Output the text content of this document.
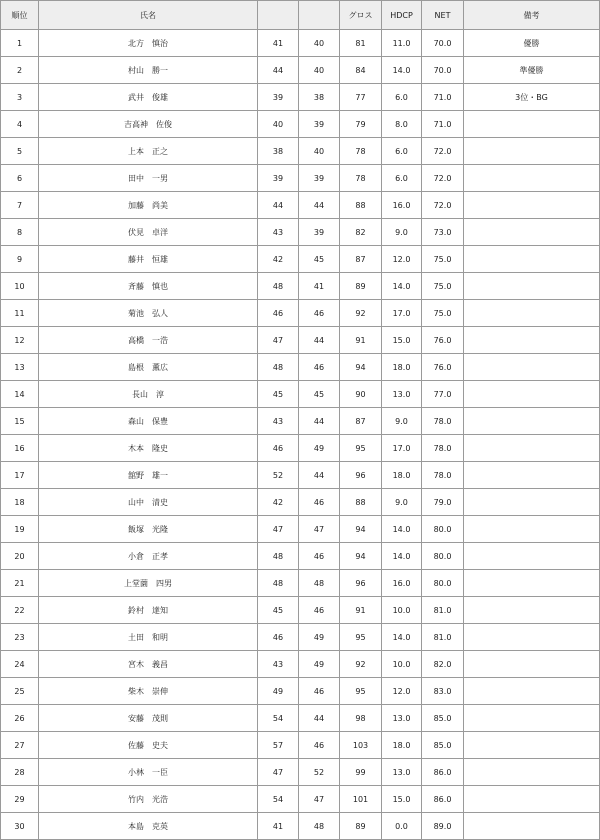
順位	氏名			グロス	HDCP	NET	備考
1	北方　慎治	41	40	81	11.0	70.0	優勝
2	村山　勝一	44	40	84	14.0	70.0	準優勝
3	武井　俊雄	39	38	77	6.0	71.0	3位・BG
4	吉高神　佐俊	40	39	79	8.0	71.0	
5	上本　正之	38	40	78	6.0	72.0	
6	田中　一男	39	39	78	6.0	72.0	
7	加藤　尚美	44	44	88	16.0	72.0	
8	伏見　卓洋	43	39	82	9.0	73.0	
9	藤井　恒雄	42	45	87	12.0	75.0	
10	斉藤　慎也	48	41	89	14.0	75.0	
11	菊池　弘人	46	46	92	17.0	75.0	
12	高橋　一浩	47	44	91	15.0	76.0	
13	島根　薫広	48	46	94	18.0	76.0	
14	長山　淳	45	45	90	13.0	77.0	
15	森山　保豊	43	44	87	9.0	78.0	
16	木本　隆史	46	49	95	17.0	78.0	
17	舘野　雄一	52	44	96	18.0	78.0	
18	山中　清史	42	46	88	9.0	79.0	
19	飯塚　光隆	47	47	94	14.0	80.0	
20	小倉　正孝	48	46	94	14.0	80.0	
21	上堂薗　四男	48	48	96	16.0	80.0	
22	鈴村　達知	45	46	91	10.0	81.0	
23	土田　和明	46	49	95	14.0	81.0	
24	宮木　義昌	43	49	92	10.0	82.0	
25	柴木　崇伸	49	46	95	12.0	83.0	
26	安藤　茂則	54	44	98	13.0	85.0	
27	佐藤　史夫	57	46	103	18.0	85.0	
28	小林　一臣	47	52	99	13.0	86.0	
29	竹内　光浩	54	47	101	15.0	86.0	
30	本島　克英	41	48	89	0.0	89.0	
